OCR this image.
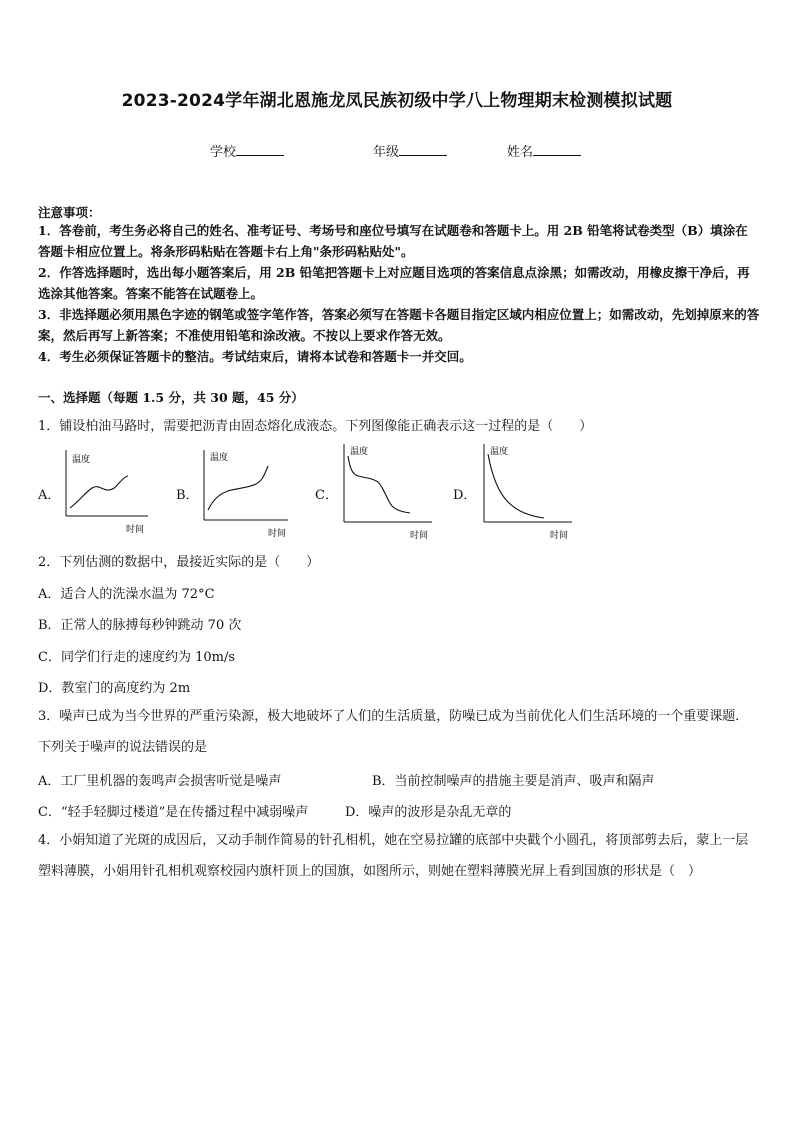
2023-2024学年湖北恩施龙凤民族初级中学八上物理期末检测模拟试题
学校	年级	姓名
注意事项：
1．答卷前，考生务必将自己的姓名、准考证号、考场号和座位号填写在试题卷和答题卡上。用 2B 铅笔将试卷类型（B）填涂在答题卡相应位置上。将条形码粘贴在答题卡右上角"条形码粘贴处"。
2．作答选择题时，选出每小题答案后，用 2B 铅笔把答题卡上对应题目选项的答案信息点涂黑；如需改动，用橡皮擦干净后，再选涂其他答案。答案不能答在试题卷上。
3．非选择题必须用黑色字迹的钢笔或签字笔作答，答案必须写在答题卡各题目指定区域内相应位置上；如需改动，先划掉原来的答案，然后再写上新答案；不准使用铅笔和涂改液。不按以上要求作答无效。
4．考生必须保证答题卡的整洁。考试结束后，请将本试卷和答题卡一并交回。
一、选择题（每题 1.5 分，共 30 题，45 分）
1．铺设柏油马路时，需要把沥青由固态熔化成液态。下列图像能正确表示这一过程的是（　　）
A．	B．	C．	D．
温度
时间
温度
时间
温度
时间
温度
时间
2．下列估测的数据中，最接近实际的是（　　）
A．适合人的洗澡水温为 72°C
B．正常人的脉搏每秒钟跳动 70 次
C．同学们行走的速度约为 10m/s
D．教室门的高度约为 2m
3．噪声已成为当今世界的严重污染源，极大地破坏了人们的生活质量，防噪已成为当前优化人们生活环境的一个重要课题．下列关于噪声的说法错误的是
A．工厂里机器的轰鸣声会损害听觉是噪声	B．当前控制噪声的措施主要是消声、吸声和隔声
C．“轻手轻脚过楼道”是在传播过程中减弱噪声	D．噪声的波形是杂乱无章的
4．小娟知道了光斑的成因后，又动手制作简易的针孔相机，她在空易拉罐的底部中央戳个小圆孔，将顶部剪去后，蒙上一层塑料薄膜，小娟用针孔相机观察校园内旗杆顶上的国旗，如图所示，则她在塑料薄膜光屏上看到国旗的形状是（　）
